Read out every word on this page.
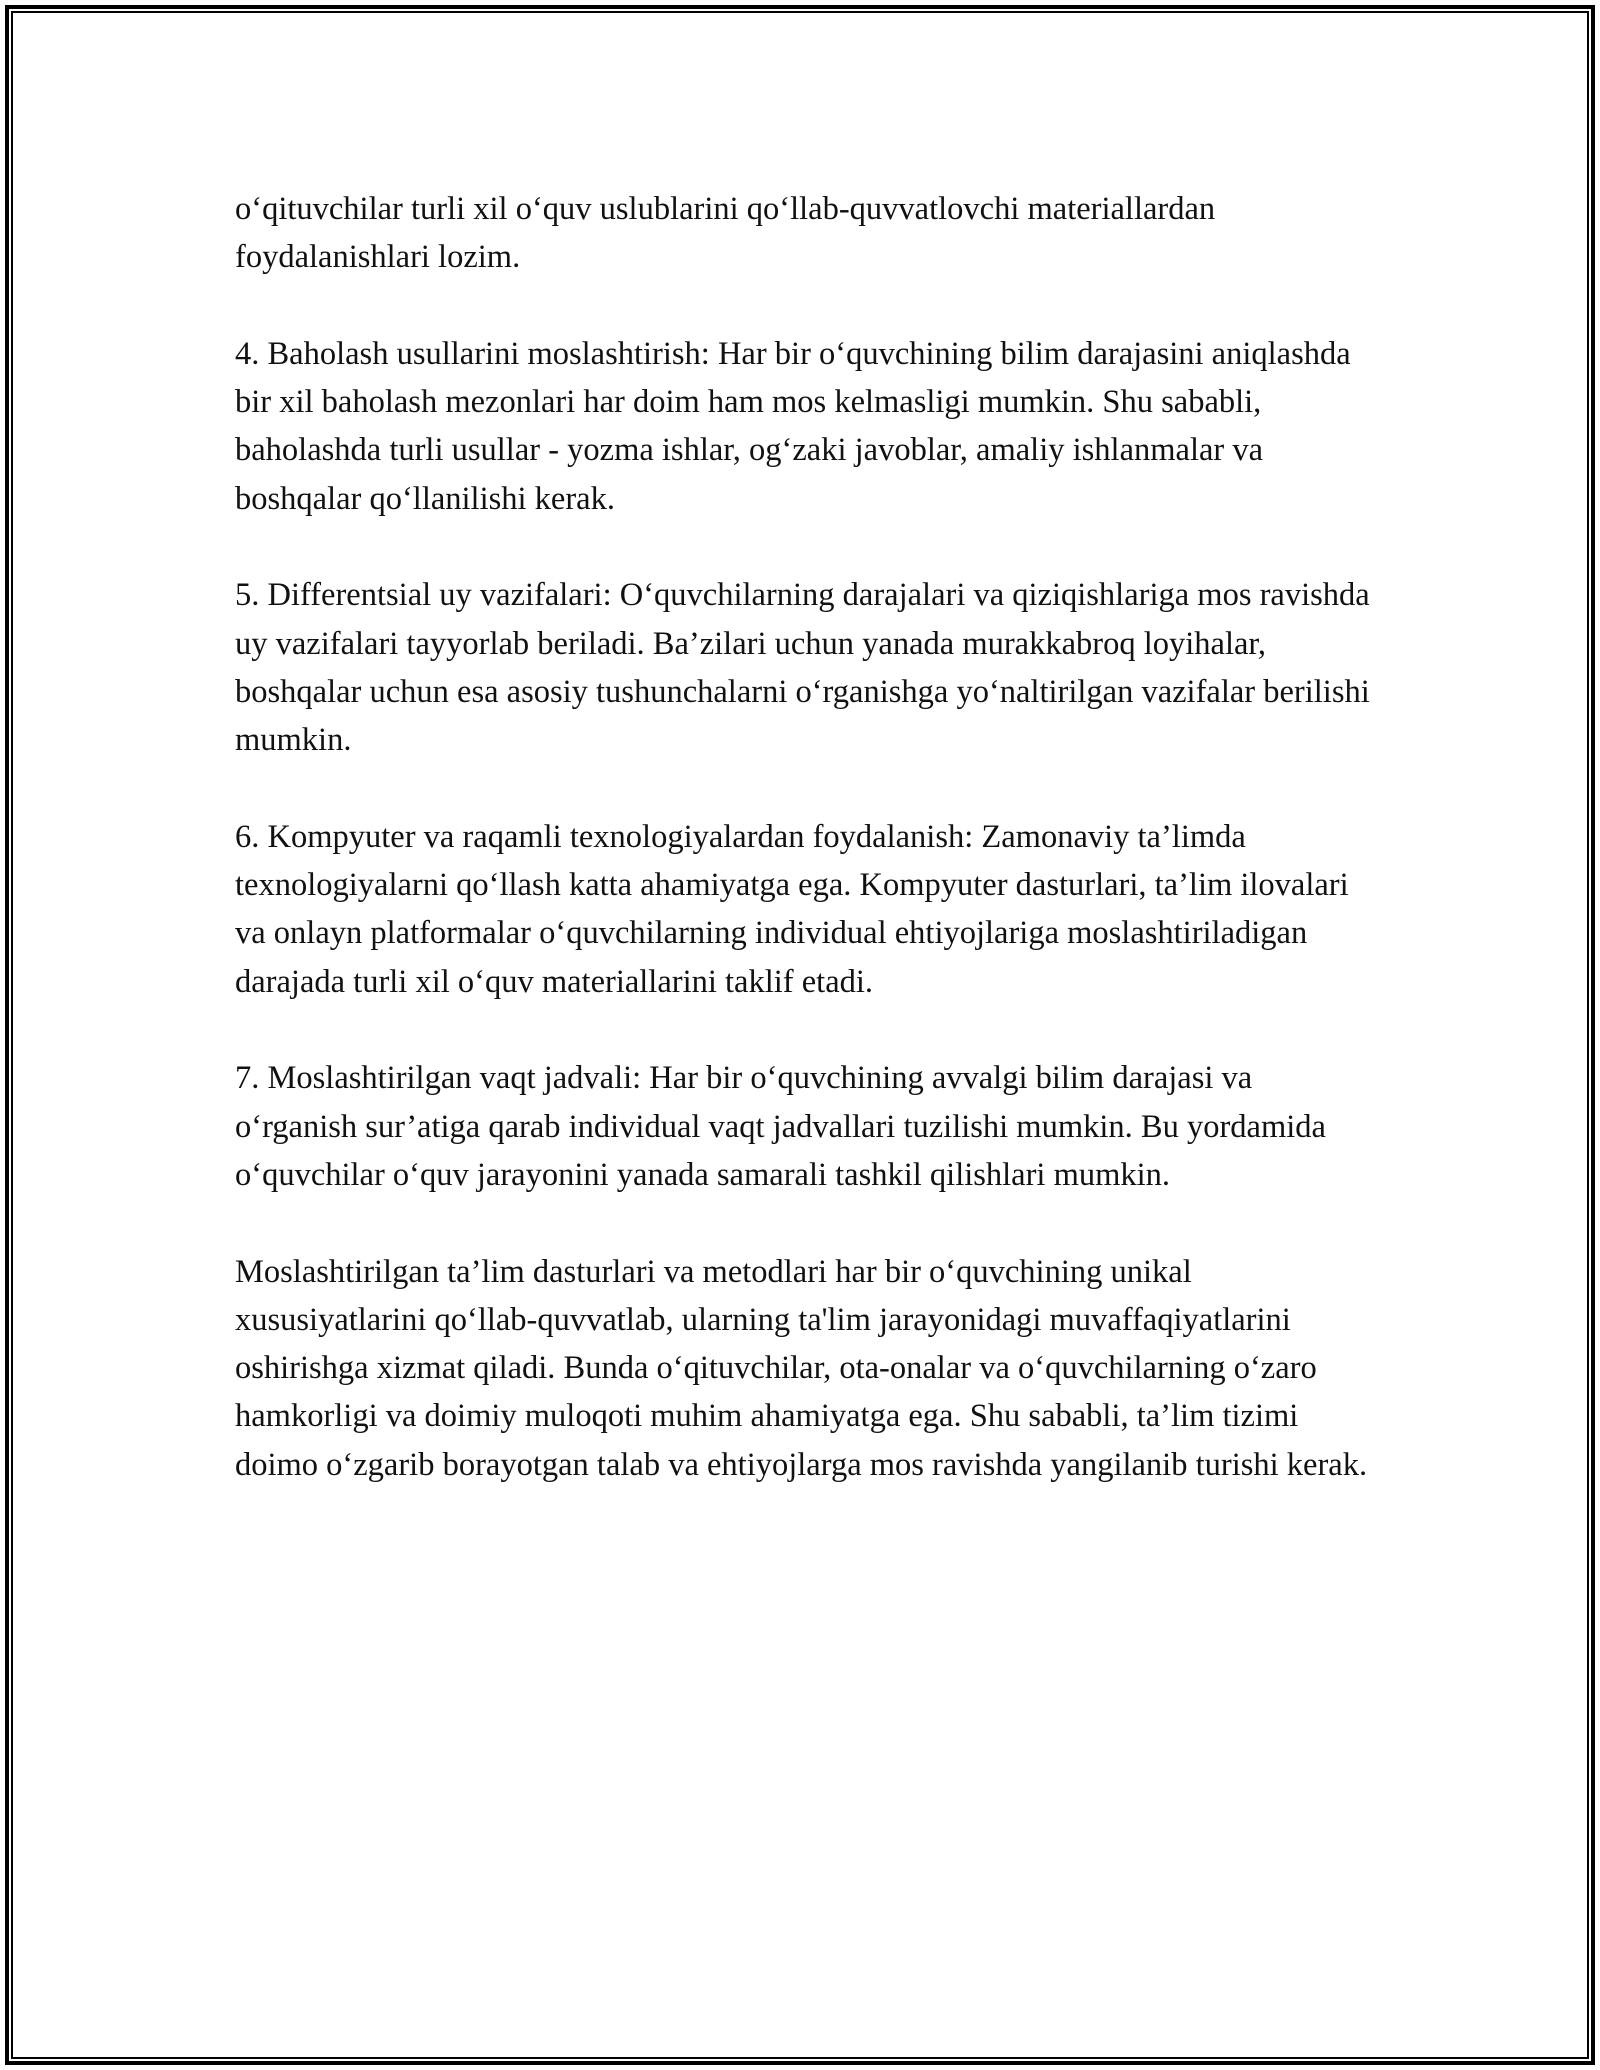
o‘qituvchilar turli xil o‘quv uslublarini qo‘llab-quvvatlovchi materiallardan foydalanishlari lozim.

4. Baholash usullarini moslashtirish: Har bir o‘quvchining bilim darajasini aniqlashda bir xil baholash mezonlari har doim ham mos kelmasligi mumkin. Shu sababli, baholashda turli usullar - yozma ishlar, og‘zaki javoblar, amaliy ishlanmalar va boshqalar qo‘llanilishi kerak.

5. Differentsial uy vazifalari: O‘quvchilarning darajalari va qiziqishlariga mos ravishda uy vazifalari tayyorlab beriladi. Ba’zilari uchun yanada murakkabroq loyihalar, boshqalar uchun esa asosiy tushunchalarni o‘rganishga yo‘naltirilgan vazifalar berilishi mumkin.

6. Kompyuter va raqamli texnologiyalardan foydalanish: Zamonaviy ta’limda texnologiyalarni qo‘llash katta ahamiyatga ega. Kompyuter dasturlari, ta’lim ilovalari va onlayn platformalar o‘quvchilarning individual ehtiyojlariga moslashtiriladigan darajada turli xil o‘quv materiallarini taklif etadi.

7. Moslashtirilgan vaqt jadvali: Har bir o‘quvchining avvalgi bilim darajasi va o‘rganish sur’atiga qarab individual vaqt jadvallari tuzilishi mumkin. Bu yordamida o‘quvchilar o‘quv jarayonini yanada samarali tashkil qilishlari mumkin.

Moslashtirilgan ta’lim dasturlari va metodlari har bir o‘quvchining unikal xususiyatlarini qo‘llab-quvvatlab, ularning ta'lim jarayonidagi muvaffaqiyatlarini oshirishga xizmat qiladi. Bunda o‘qituvchilar, ota-onalar va o‘quvchilarning o‘zaro hamkorligi va doimiy muloqoti muhim ahamiyatga ega. Shu sababli, ta’lim tizimi doimo o‘zgarib borayotgan talab va ehtiyojlarga mos ravishda yangilanib turishi kerak.
